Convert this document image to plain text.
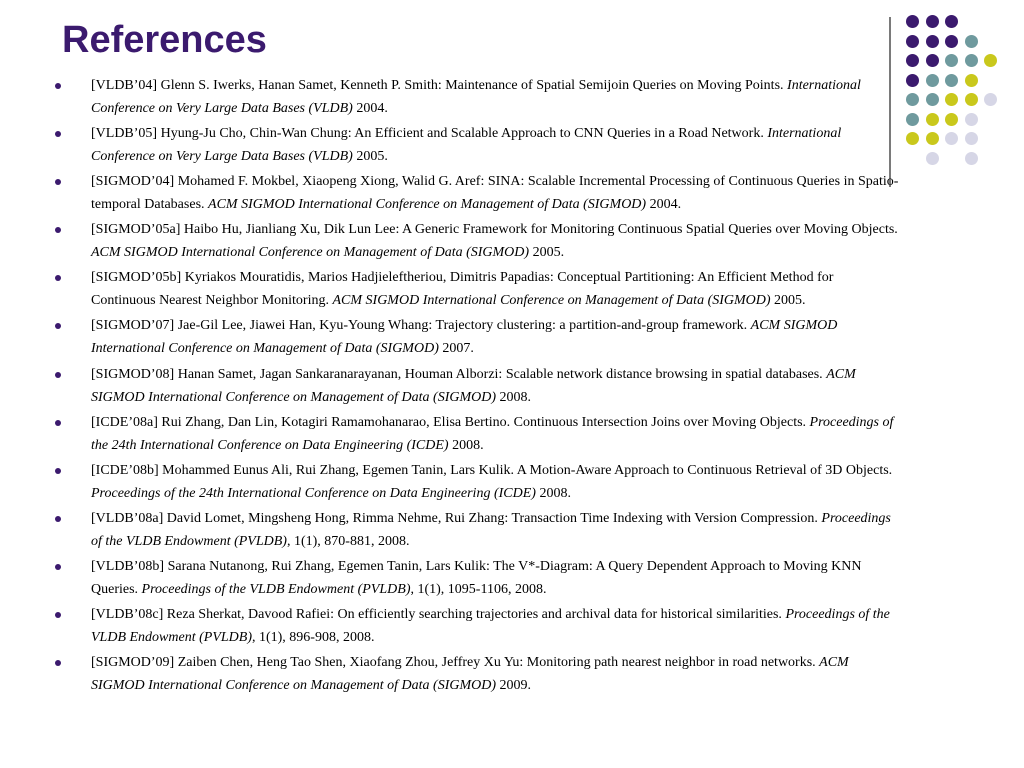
References
[VLDB’04] Glenn S. Iwerks, Hanan Samet, Kenneth P. Smith: Maintenance of Spatial Semijoin Queries on Moving Points. International Conference on Very Large Data Bases (VLDB) 2004.
[VLDB’05] Hyung-Ju Cho, Chin-Wan Chung: An Efficient and Scalable Approach to CNN Queries in a Road Network. International Conference on Very Large Data Bases (VLDB) 2005.
[SIGMOD’04] Mohamed F. Mokbel, Xiaopeng Xiong, Walid G. Aref: SINA: Scalable Incremental Processing of Continuous Queries in Spatio-temporal Databases. ACM SIGMOD International Conference on Management of Data (SIGMOD) 2004.
[SIGMOD’05a] Haibo Hu, Jianliang Xu, Dik Lun Lee: A Generic Framework for Monitoring Continuous Spatial Queries over Moving Objects. ACM SIGMOD International Conference on Management of Data (SIGMOD) 2005.
[SIGMOD’05b] Kyriakos Mouratidis, Marios Hadjieleftheriou, Dimitris Papadias: Conceptual Partitioning: An Efficient Method for Continuous Nearest Neighbor Monitoring. ACM SIGMOD International Conference on Management of Data (SIGMOD) 2005.
[SIGMOD’07] Jae-Gil Lee, Jiawei Han, Kyu-Young Whang: Trajectory clustering: a partition-and-group framework. ACM SIGMOD International Conference on Management of Data (SIGMOD) 2007.
[SIGMOD’08] Hanan Samet, Jagan Sankaranarayanan, Houman Alborzi: Scalable network distance browsing in spatial databases. ACM SIGMOD International Conference on Management of Data (SIGMOD) 2008.
[ICDE’08a] Rui Zhang, Dan Lin, Kotagiri Ramamohanarao, Elisa Bertino. Continuous Intersection Joins over Moving Objects. Proceedings of the 24th International Conference on Data Engineering (ICDE) 2008.
[ICDE’08b] Mohammed Eunus Ali, Rui Zhang, Egemen Tanin, Lars Kulik. A Motion-Aware Approach to Continuous Retrieval of 3D Objects. Proceedings of the 24th International Conference on Data Engineering (ICDE) 2008.
[VLDB’08a] David Lomet, Mingsheng Hong, Rimma Nehme, Rui Zhang: Transaction Time Indexing with Version Compression. Proceedings of the VLDB Endowment (PVLDB), 1(1), 870-881, 2008.
[VLDB’08b] Sarana Nutanong, Rui Zhang, Egemen Tanin, Lars Kulik: The V*-Diagram: A Query Dependent Approach to Moving KNN Queries. Proceedings of the VLDB Endowment (PVLDB), 1(1), 1095-1106, 2008.
[VLDB’08c] Reza Sherkat, Davood Rafiei: On efficiently searching trajectories and archival data for historical similarities. Proceedings of the VLDB Endowment (PVLDB), 1(1), 896-908, 2008.
[SIGMOD’09] Zaiben Chen, Heng Tao Shen, Xiaofang Zhou, Jeffrey Xu Yu: Monitoring path nearest neighbor in road networks. ACM SIGMOD International Conference on Management of Data (SIGMOD) 2009.
